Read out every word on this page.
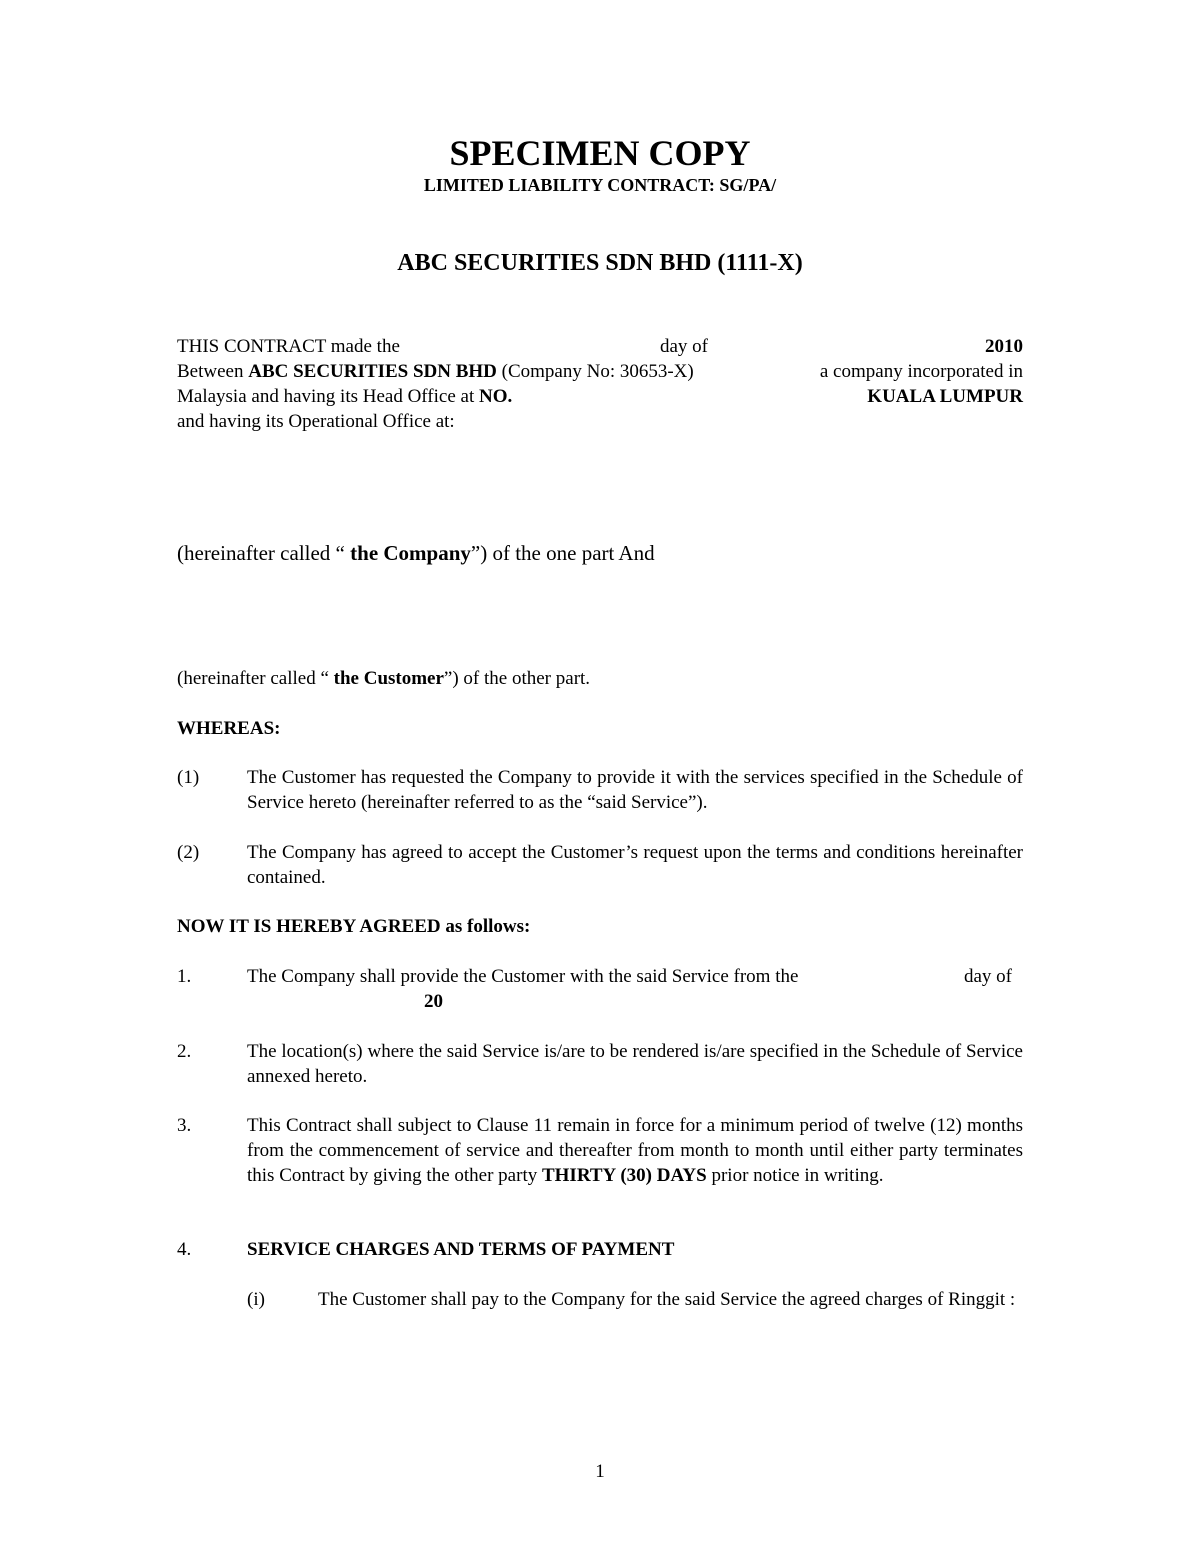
SPECIMEN COPY
LIMITED LIABILITY CONTRACT: SG/PA/
ABC SECURITIES SDN BHD (1111-X)
THIS CONTRACT made the	day of	2010
Between ABC SECURITIES SDN BHD (Company No: 30653-X)	a company incorporated in
Malaysia and having its Head Office at NO.	KUALA LUMPUR
and having its Operational Office at:
(hereinafter called “ the Company”) of the one part And
(hereinafter called “ the Customer”) of the other part.
WHEREAS:
(1)	The Customer has requested the Company to provide it with the services specified in the Schedule of Service hereto (hereinafter referred to as the “said Service”).
(2)	The Company has agreed to accept the Customer’s request upon the terms and conditions hereinafter contained.
NOW IT IS HEREBY AGREED as follows:
1.	The Company shall provide the Customer with the said Service from the	day of
20
2.	The location(s) where the said Service is/are to be rendered is/are specified in the Schedule of Service annexed hereto.
3.	This Contract shall subject to Clause 11 remain in force for a minimum period of twelve (12) months from the commencement of service and thereafter from month to month until either party terminates this Contract by giving the other party THIRTY (30) DAYS prior notice in writing.
4.	SERVICE CHARGES AND TERMS OF PAYMENT
(i)	The Customer shall pay to the Company for the said Service the agreed charges of Ringgit :
1
